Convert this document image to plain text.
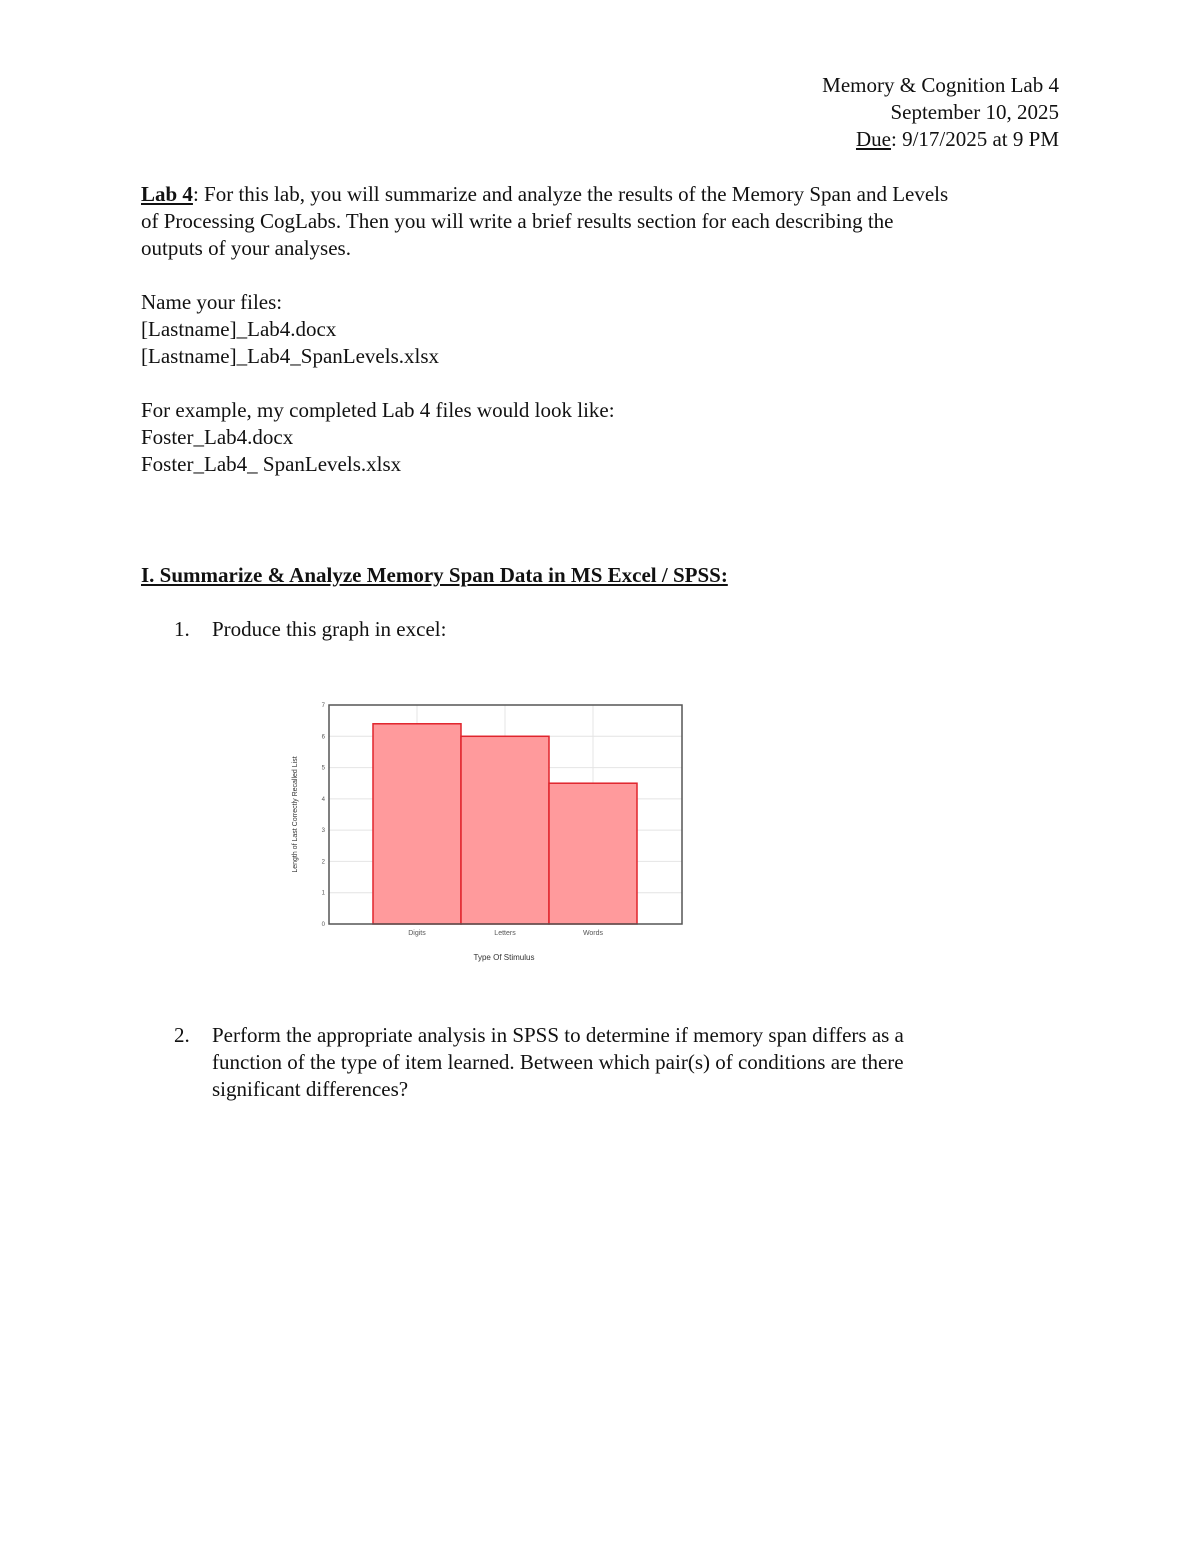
Memory & Cognition Lab 4
September 10, 2025
Due: 9/17/2025 at 9 PM
Lab 4: For this lab, you will summarize and analyze the results of the Memory Span and Levels
of Processing CogLabs. Then you will write a brief results section for each describing the
outputs of your analyses.
Name your files:
[Lastname]_Lab4.docx
[Lastname]_Lab4_SpanLevels.xlsx
For example, my completed Lab 4 files would look like:
Foster_Lab4.docx
Foster_Lab4_ SpanLevels.xlsx
I. Summarize & Analyze Memory Span Data in MS Excel / SPSS:
1.	Produce this graph in excel:
0
1
2
3
4
5
6
7
Digits	Letters	Words
Type Of Stimulus
Length of Last Correctly Recalled List
2.	Perform the appropriate analysis in SPSS to determine if memory span differs as a
function of the type of item learned. Between which pair(s) of conditions are there
significant differences?
